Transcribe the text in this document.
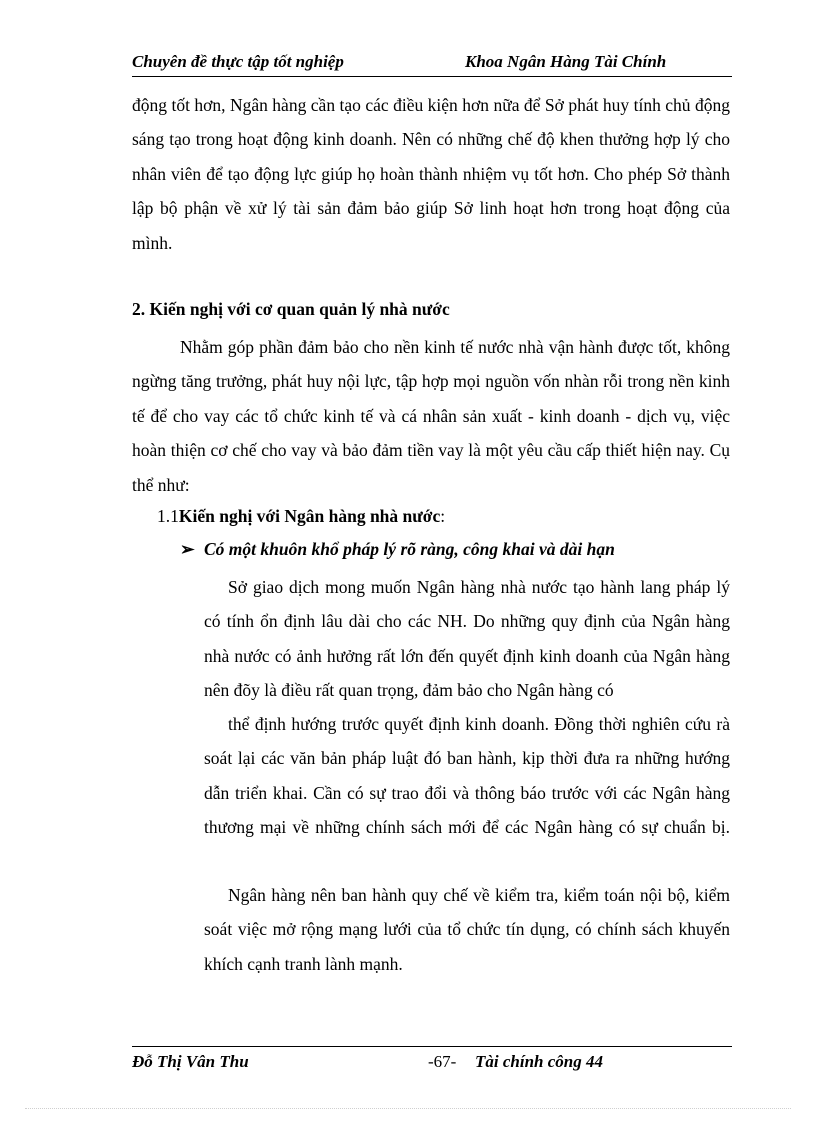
Chuyên đề thực tập tốt nghiệp	Khoa Ngân Hàng Tài Chính
động tốt hơn, Ngân hàng cần tạo các điều kiện hơn nữa để Sở phát huy tính chủ động sáng tạo trong hoạt động kinh doanh. Nên có những chế độ khen thưởng hợp lý cho nhân viên để tạo động lực giúp họ hoàn thành nhiệm vụ tốt hơn. Cho phép Sở thành lập bộ phận về xử lý tài sản đảm bảo giúp Sở linh hoạt hơn trong hoạt động của mình.
2. Kiến nghị với cơ quan quản lý nhà nước
Nhằm góp phần đảm bảo cho nền kinh tế nước nhà vận hành được tốt, không ngừng tăng trưởng, phát huy nội lực, tập hợp mọi nguồn vốn nhàn rỗi trong nền kinh tế để cho vay các tổ chức kinh tế và cá nhân sản xuất - kinh doanh - dịch vụ, việc hoàn thiện cơ chế cho vay và bảo đảm tiền vay là một yêu cầu cấp thiết hiện nay. Cụ thể như:
1.1Kiến nghị với Ngân hàng nhà nước:
➢ Có một khuôn khổ pháp lý rõ ràng, công khai và dài hạn
Sở giao dịch mong muốn Ngân hàng nhà nước tạo hành lang pháp lý có tính ổn định lâu dài cho các NH. Do những quy định của Ngân hàng nhà nước có ảnh hưởng rất lớn đến quyết định kinh doanh của Ngân hàng nên đõy là điều rất quan trọng, đảm bảo cho Ngân hàng có
thể định hướng trước quyết định kinh doanh. Đồng thời nghiên cứu rà soát lại các văn bản pháp luật đó ban hành, kịp thời đưa ra những hướng dẫn triển khai. Cần có sự trao đổi và thông báo trước với các Ngân hàng thương mại về những chính sách mới để các Ngân hàng có sự chuẩn bị.
Ngân hàng nên ban hành quy chế về kiểm tra, kiểm toán nội bộ, kiểm soát việc mở rộng mạng lưới của tổ chức tín dụng, có chính sách khuyến khích cạnh tranh lành mạnh.
Đỗ Thị Vân Thu	-67- Tài chính công 44
